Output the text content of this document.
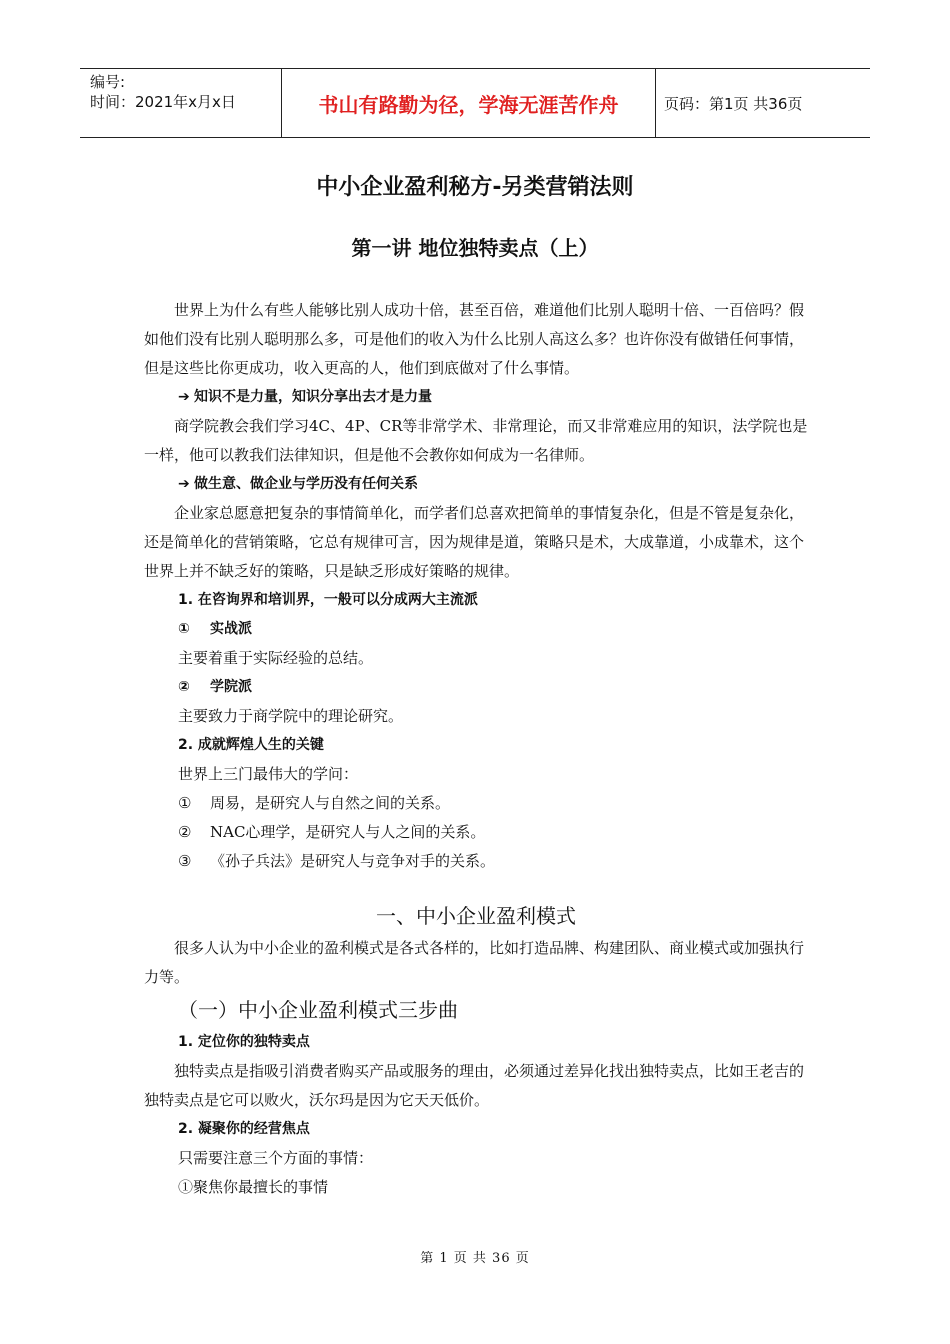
编号:
时间：2021年x月x日	书山有路勤为径，学海无涯苦作舟	页码：第1页 共36页
中小企业盈利秘方-另类营销法则
第一讲 地位独特卖点（上）

世界上为什么有些人能够比别人成功十倍，甚至百倍，难道他们比别人聪明十倍、一百倍吗？假如他们没有比别人聪明那么多，可是他们的收入为什么比别人高这么多？也许你没有做错任何事情，但是这些比你更成功，收入更高的人，他们到底做对了什么事情。

➔ 知识不是力量，知识分享出去才是力量

商学院教会我们学习4C、4P、CR等非常学术、非常理论，而又非常难应用的知识，法学院也是一样，他可以教我们法律知识，但是他不会教你如何成为一名律师。

➔ 做生意、做企业与学历没有任何关系

企业家总愿意把复杂的事情简单化，而学者们总喜欢把简单的事情复杂化，但是不管是复杂化，还是简单化的营销策略，它总有规律可言，因为规律是道，策略只是术，大成靠道，小成靠术，这个世界上并不缺乏好的策略，只是缺乏形成好策略的规律。

1. 在咨询界和培训界，一般可以分成两大主流派

① 实战派

主要着重于实际经验的总结。

② 学院派

主要致力于商学院中的理论研究。

2. 成就辉煌人生的关键

世界上三门最伟大的学问：

① 周易，是研究人与自然之间的关系。

② NAC心理学，是研究人与人之间的关系。

③ 《孙子兵法》是研究人与竞争对手的关系。

一、中小企业盈利模式

很多人认为中小企业的盈利模式是各式各样的，比如打造品牌、构建团队、商业模式或加强执行力等。

（一）中小企业盈利模式三步曲

1. 定位你的独特卖点

独特卖点是指吸引消费者购买产品或服务的理由，必须通过差异化找出独特卖点，比如王老吉的独特卖点是它可以败火，沃尔玛是因为它天天低价。

2. 凝聚你的经营焦点

只需要注意三个方面的事情：

①聚焦你最擅长的事情

第 1 页 共 36 页
